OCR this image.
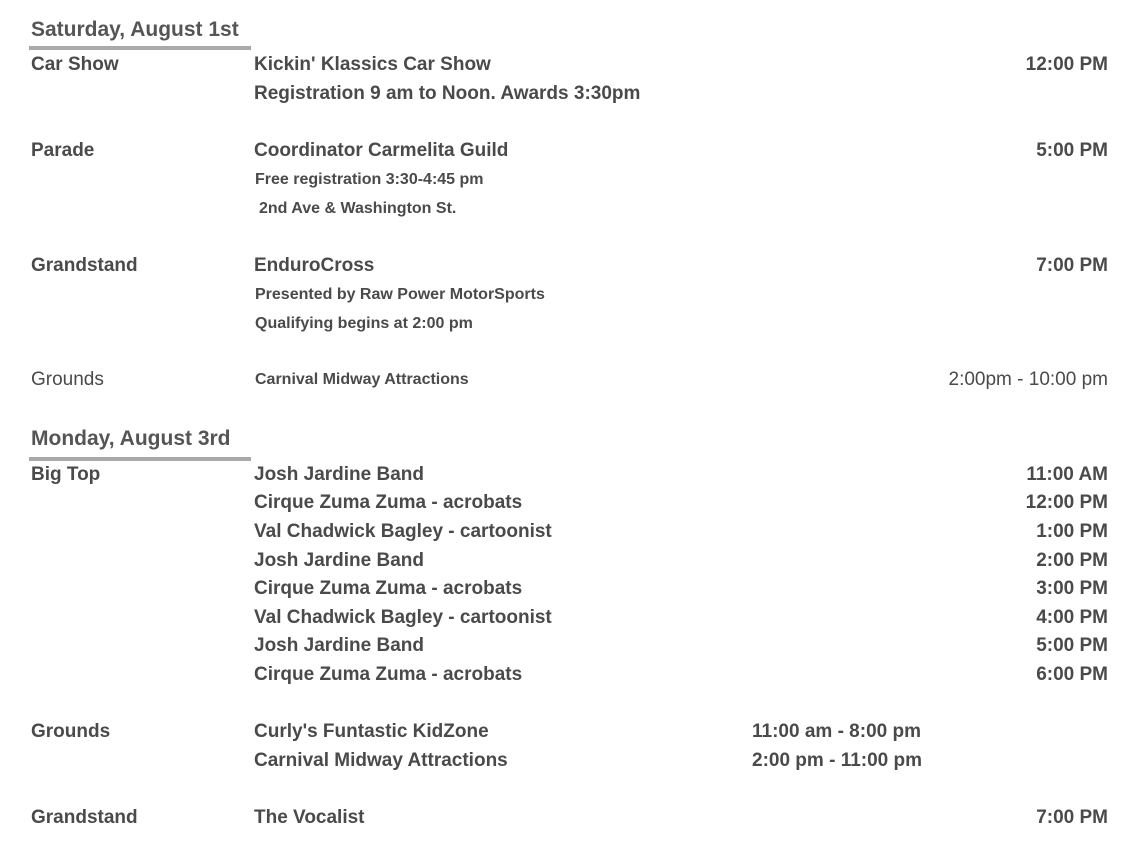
Saturday, August 1st
Car Show	Kickin' Klassics Car Show	12:00 PM
Registration 9 am to Noon. Awards 3:30pm
Parade	Coordinator Carmelita Guild	5:00 PM
Free registration 3:30-4:45 pm
2nd Ave & Washington St.
Grandstand	EnduroCross	7:00 PM
Presented by Raw Power MotorSports
Qualifying begins at 2:00 pm
Grounds	Carnival Midway Attractions	2:00pm - 10:00 pm
Monday, August 3rd
Big Top	Josh Jardine Band	11:00 AM
Cirque Zuma Zuma - acrobats	12:00 PM
Val Chadwick Bagley - cartoonist	1:00 PM
Josh Jardine Band	2:00 PM
Cirque Zuma Zuma - acrobats	3:00 PM
Val Chadwick Bagley - cartoonist	4:00 PM
Josh Jardine Band	5:00 PM
Cirque Zuma Zuma - acrobats	6:00 PM
Grounds	Curly's Funtastic KidZone	11:00 am - 8:00 pm
Carnival Midway Attractions	2:00 pm - 11:00 pm
Grandstand	The Vocalist	7:00 PM
